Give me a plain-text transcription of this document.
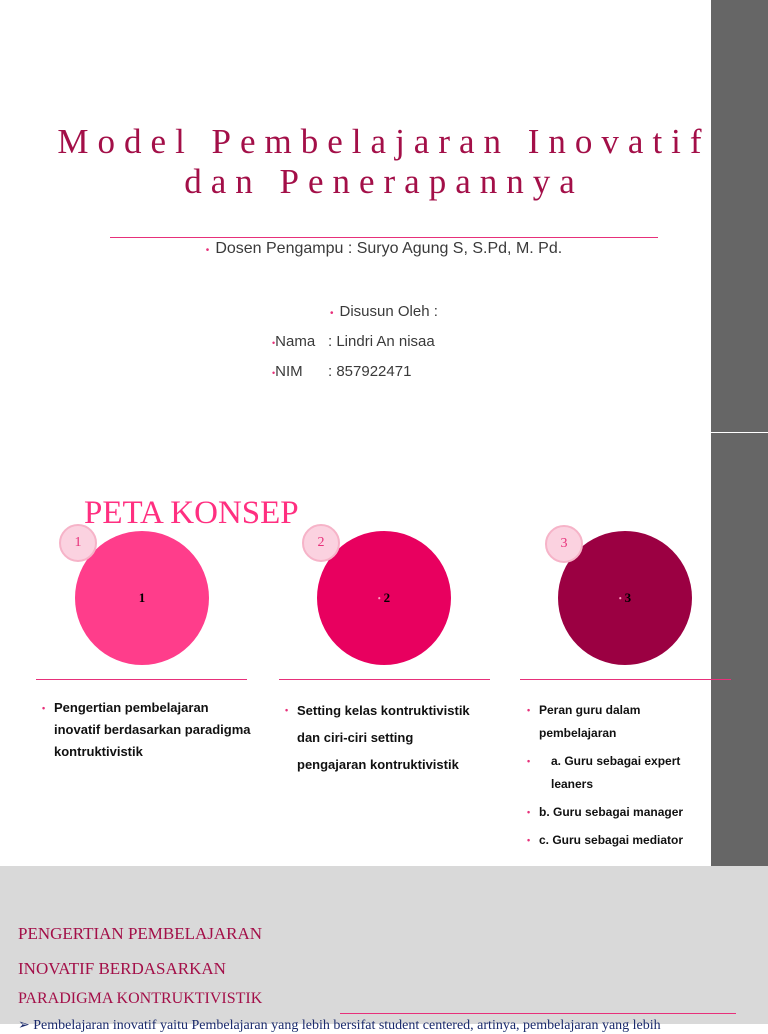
Model Pembelajaran Inovatif
dan Penerapannya
• Dosen Pengampu : Suryo Agung S, S.Pd, M. Pd.
• Disusun Oleh :
•Nama : Lindri An nisaa
•NIM : 857922471
PETA KONSEP
1	• 2	• 3
1	2	3
• Pengertian pembelajaran inovatif berdasarkan paradigma kontruktivistik
• Setting kelas kontruktivistik dan ciri-ciri setting pengajaran kontruktivistik
• Peran guru dalam pembelajaran
•	a. Guru sebagai expert leaners
• b. Guru sebagai manager
• c. Guru sebagai mediator
PENGERTIAN PEMBELAJARAN
INOVATIF BERDASARKAN
PARADIGMA KONTRUKTIVISTIK
➢ Pembelajaran inovatif yaitu Pembelajaran yang lebih bersifat student centered, artinya, pembelajaran yang lebih
